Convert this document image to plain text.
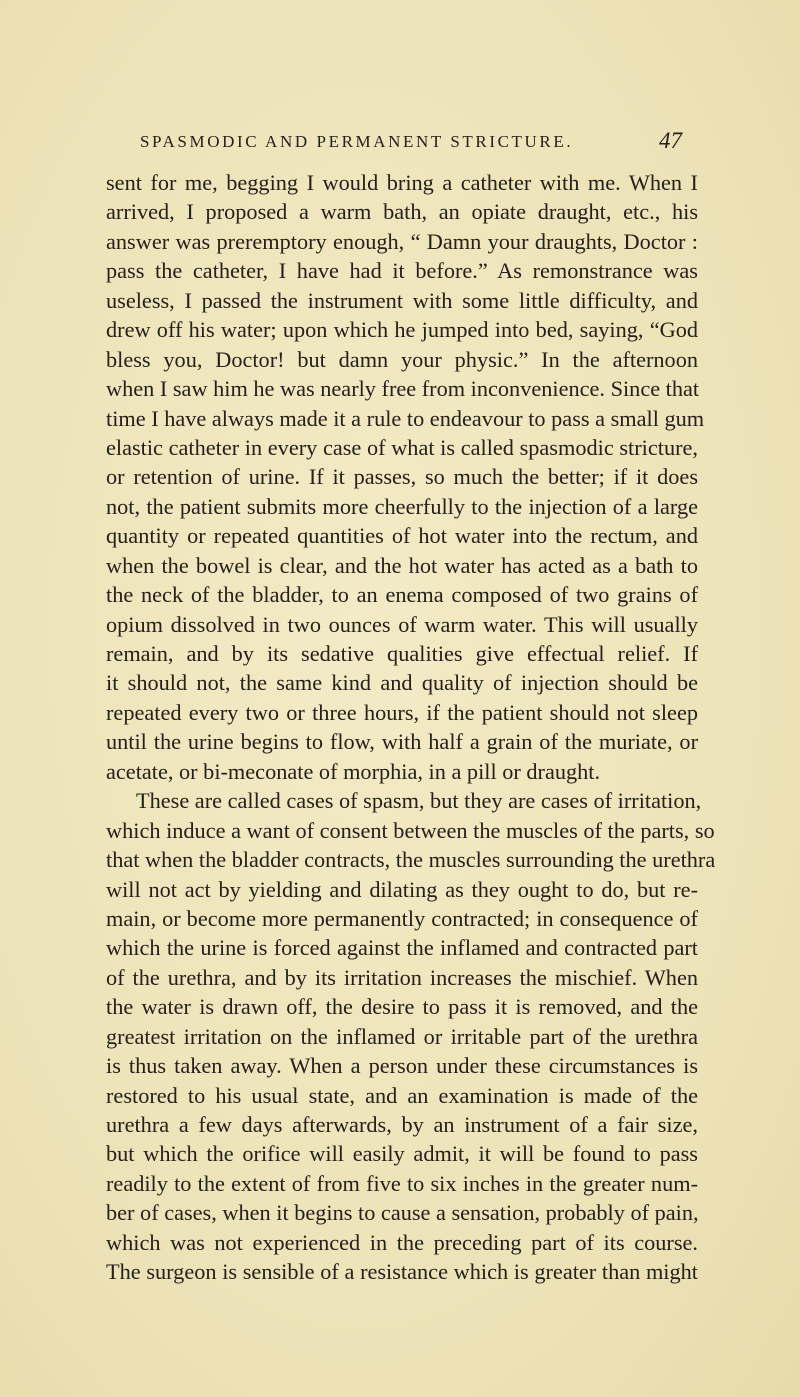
SPASMODIC AND PERMANENT STRICTURE.	47
sent for me, begging I would bring a catheter with me. When I
arrived, I proposed a warm bath, an opiate draught, etc., his
answer was preremptory enough, “ Damn your draughts, Doctor :
pass the catheter, I have had it before.” As remonstrance was
useless, I passed the instrument with some little difficulty, and
drew off his water; upon which he jumped into bed, saying, “God
bless you, Doctor! but damn your physic.” In the afternoon
when I saw him he was nearly free from inconvenience. Since that
time I have always made it a rule to endeavour to pass a small gum
elastic catheter in every case of what is called spasmodic stricture,
or retention of urine. If it passes, so much the better; if it does
not, the patient submits more cheerfully to the injection of a large
quantity or repeated quantities of hot water into the rectum, and
when the bowel is clear, and the hot water has acted as a bath to
the neck of the bladder, to an enema composed of two grains of
opium dissolved in two ounces of warm water. This will usually
remain, and by its sedative qualities give effectual relief. If
it should not, the same kind and quality of injection should be
repeated every two or three hours, if the patient should not sleep
until the urine begins to flow, with half a grain of the muriate, or
acetate, or bi-meconate of morphia, in a pill or draught.
These are called cases of spasm, but they are cases of irritation,
which induce a want of consent between the muscles of the parts, so
that when the bladder contracts, the muscles surrounding the urethra
will not act by yielding and dilating as they ought to do, but re-
main, or become more permanently contracted; in consequence of
which the urine is forced against the inflamed and contracted part
of the urethra, and by its irritation increases the mischief. When
the water is drawn off, the desire to pass it is removed, and the
greatest irritation on the inflamed or irritable part of the urethra
is thus taken away. When a person under these circumstances is
restored to his usual state, and an examination is made of the
urethra a few days afterwards, by an instrument of a fair size,
but which the orifice will easily admit, it will be found to pass
readily to the extent of from five to six inches in the greater num-
ber of cases, when it begins to cause a sensation, probably of pain,
which was not experienced in the preceding part of its course.
The surgeon is sensible of a resistance which is greater than might
